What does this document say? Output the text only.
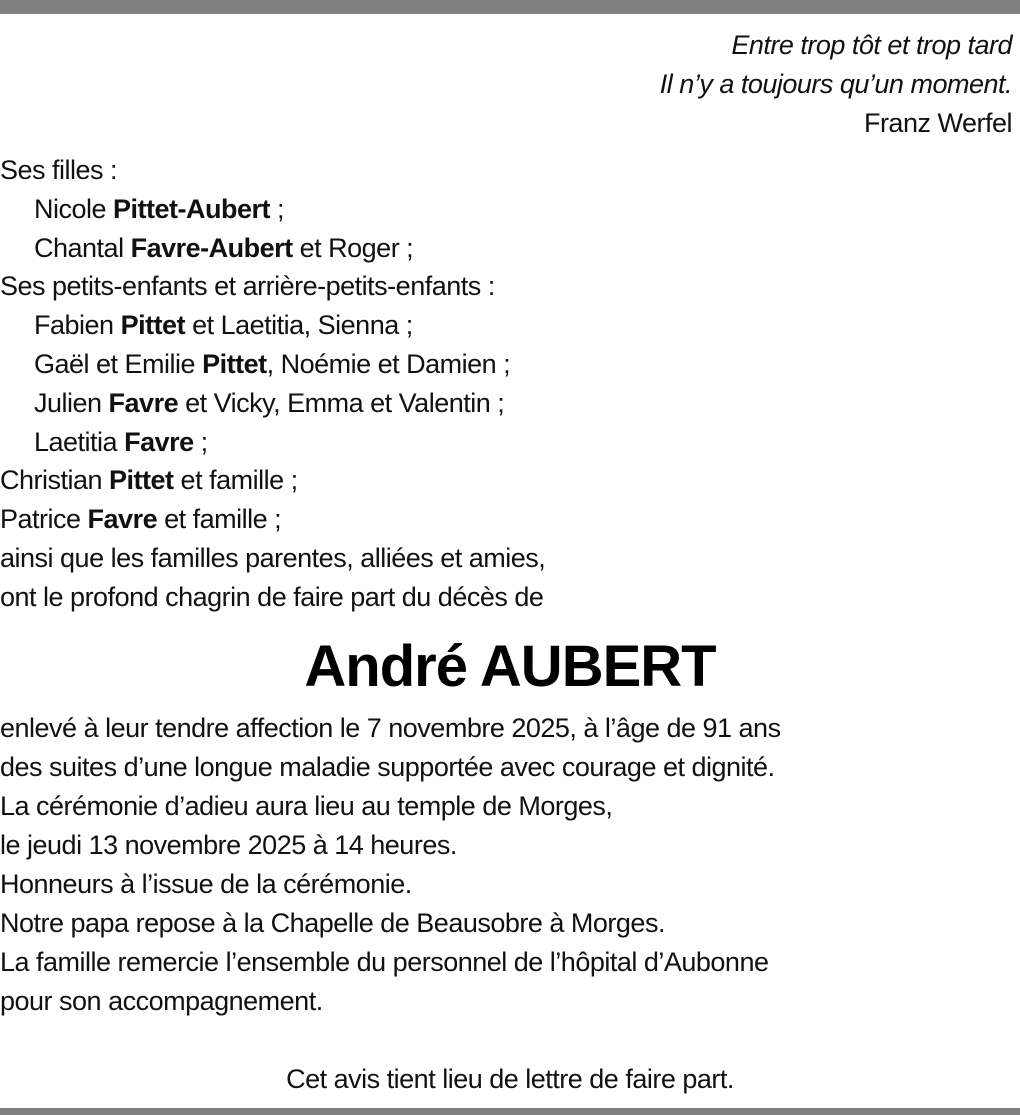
Entre trop tôt et trop tard
Il n’y a toujours qu’un moment.
Franz Werfel
Ses filles :
Nicole Pittet-Aubert ;
Chantal Favre-Aubert et Roger ;
Ses petits-enfants et arrière-petits-enfants :
Fabien Pittet et Laetitia, Sienna ;
Gaël et Emilie Pittet, Noémie et Damien ;
Julien Favre et Vicky, Emma et Valentin ;
Laetitia Favre ;
Christian Pittet et famille ;
Patrice Favre et famille ;
ainsi que les familles parentes, alliées et amies,
ont le profond chagrin de faire part du décès de
André AUBERT
enlevé à leur tendre affection le 7 novembre 2025, à l’âge de 91 ans
des suites d’une longue maladie supportée avec courage et dignité.
La cérémonie d’adieu aura lieu au temple de Morges,
le jeudi 13 novembre 2025 à 14 heures.
Honneurs à l’issue de la cérémonie.
Notre papa repose à la Chapelle de Beausobre à Morges.
La famille remercie l’ensemble du personnel de l’hôpital d’Aubonne
pour son accompagnement.
Cet avis tient lieu de lettre de faire part.
